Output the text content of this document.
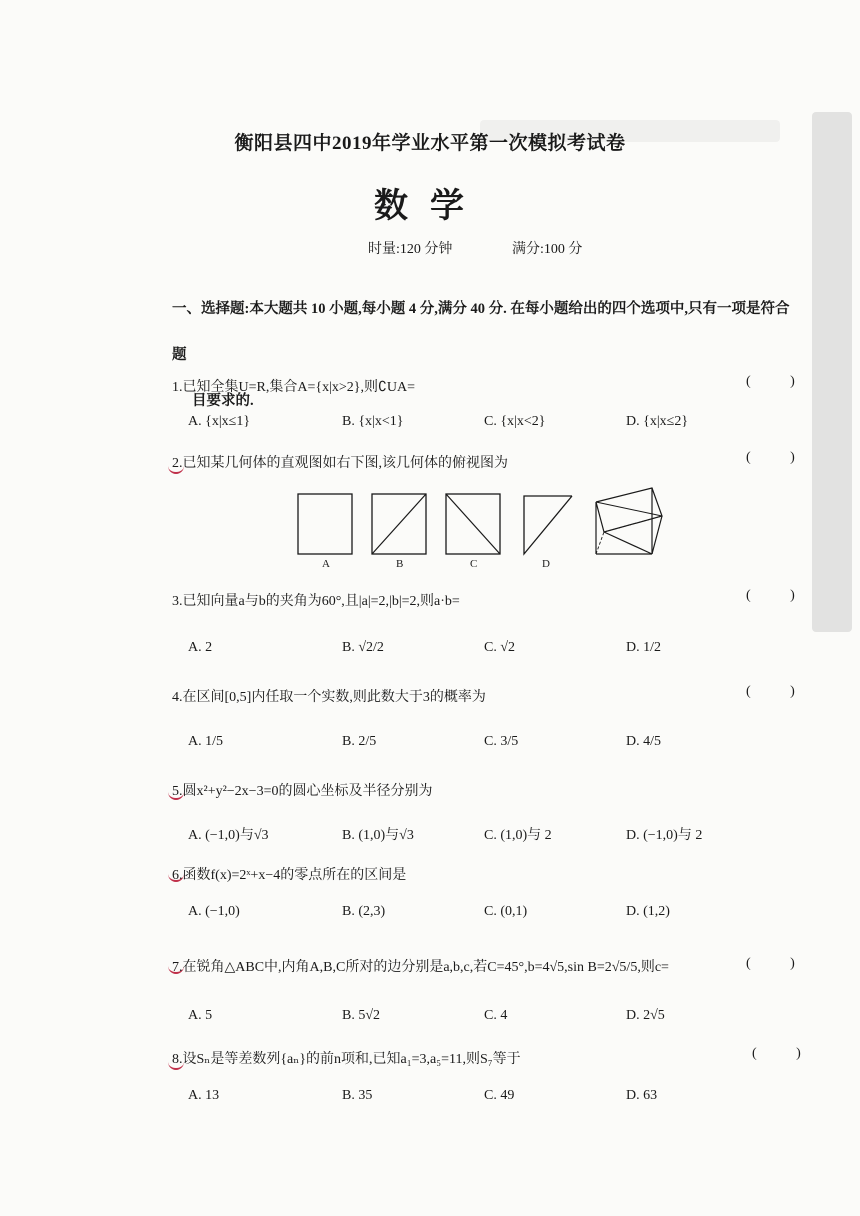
衡阳县四中2019年学业水平第一次模拟考试卷
数学
时量:120 分钟	满分:100 分
一、选择题:本大题共 10 小题,每小题 4 分,满分 40 分. 在每小题给出的四个选项中,只有一项是符合题
目要求的.
1.已知全集U=R,集合A={x|x>2},则∁UA=	( )
A. {x|x≤1}	B. {x|x<1}	C. {x|x<2}	D. {x|x≤2}
2.已知某几何体的直观图如右下图,该几何体的俯视图为	( )
A	B	C	D
3.已知向量a与b的夹角为60°,且|a|=2,|b|=2,则a·b=	( )
A. 2	B. √2/2	C. √2	D. 1/2
4.在区间[0,5]内任取一个实数,则此数大于3的概率为	( )
A. 1/5	B. 2/5	C. 3/5	D. 4/5
5.圆x²+y²−2x−3=0的圆心坐标及半径分别为
A. (−1,0)与√3	B. (1,0)与√3	C. (1,0)与 2	D. (−1,0)与 2
6.函数f(x)=2ˣ+x−4的零点所在的区间是
A. (−1,0)	B. (2,3)	C. (0,1)	D. (1,2)
7.在锐角△ABC中,内角A,B,C所对的边分别是a,b,c,若C=45°,b=4√5,sin B=2√5/5,则c=	( )
A. 5	B. 5√2	C. 4	D. 2√5
8.设Sₙ是等差数列{aₙ}的前n项和,已知a₁=3,a₅=11,则S₇等于	( )
A. 13	B. 35	C. 49	D. 63
